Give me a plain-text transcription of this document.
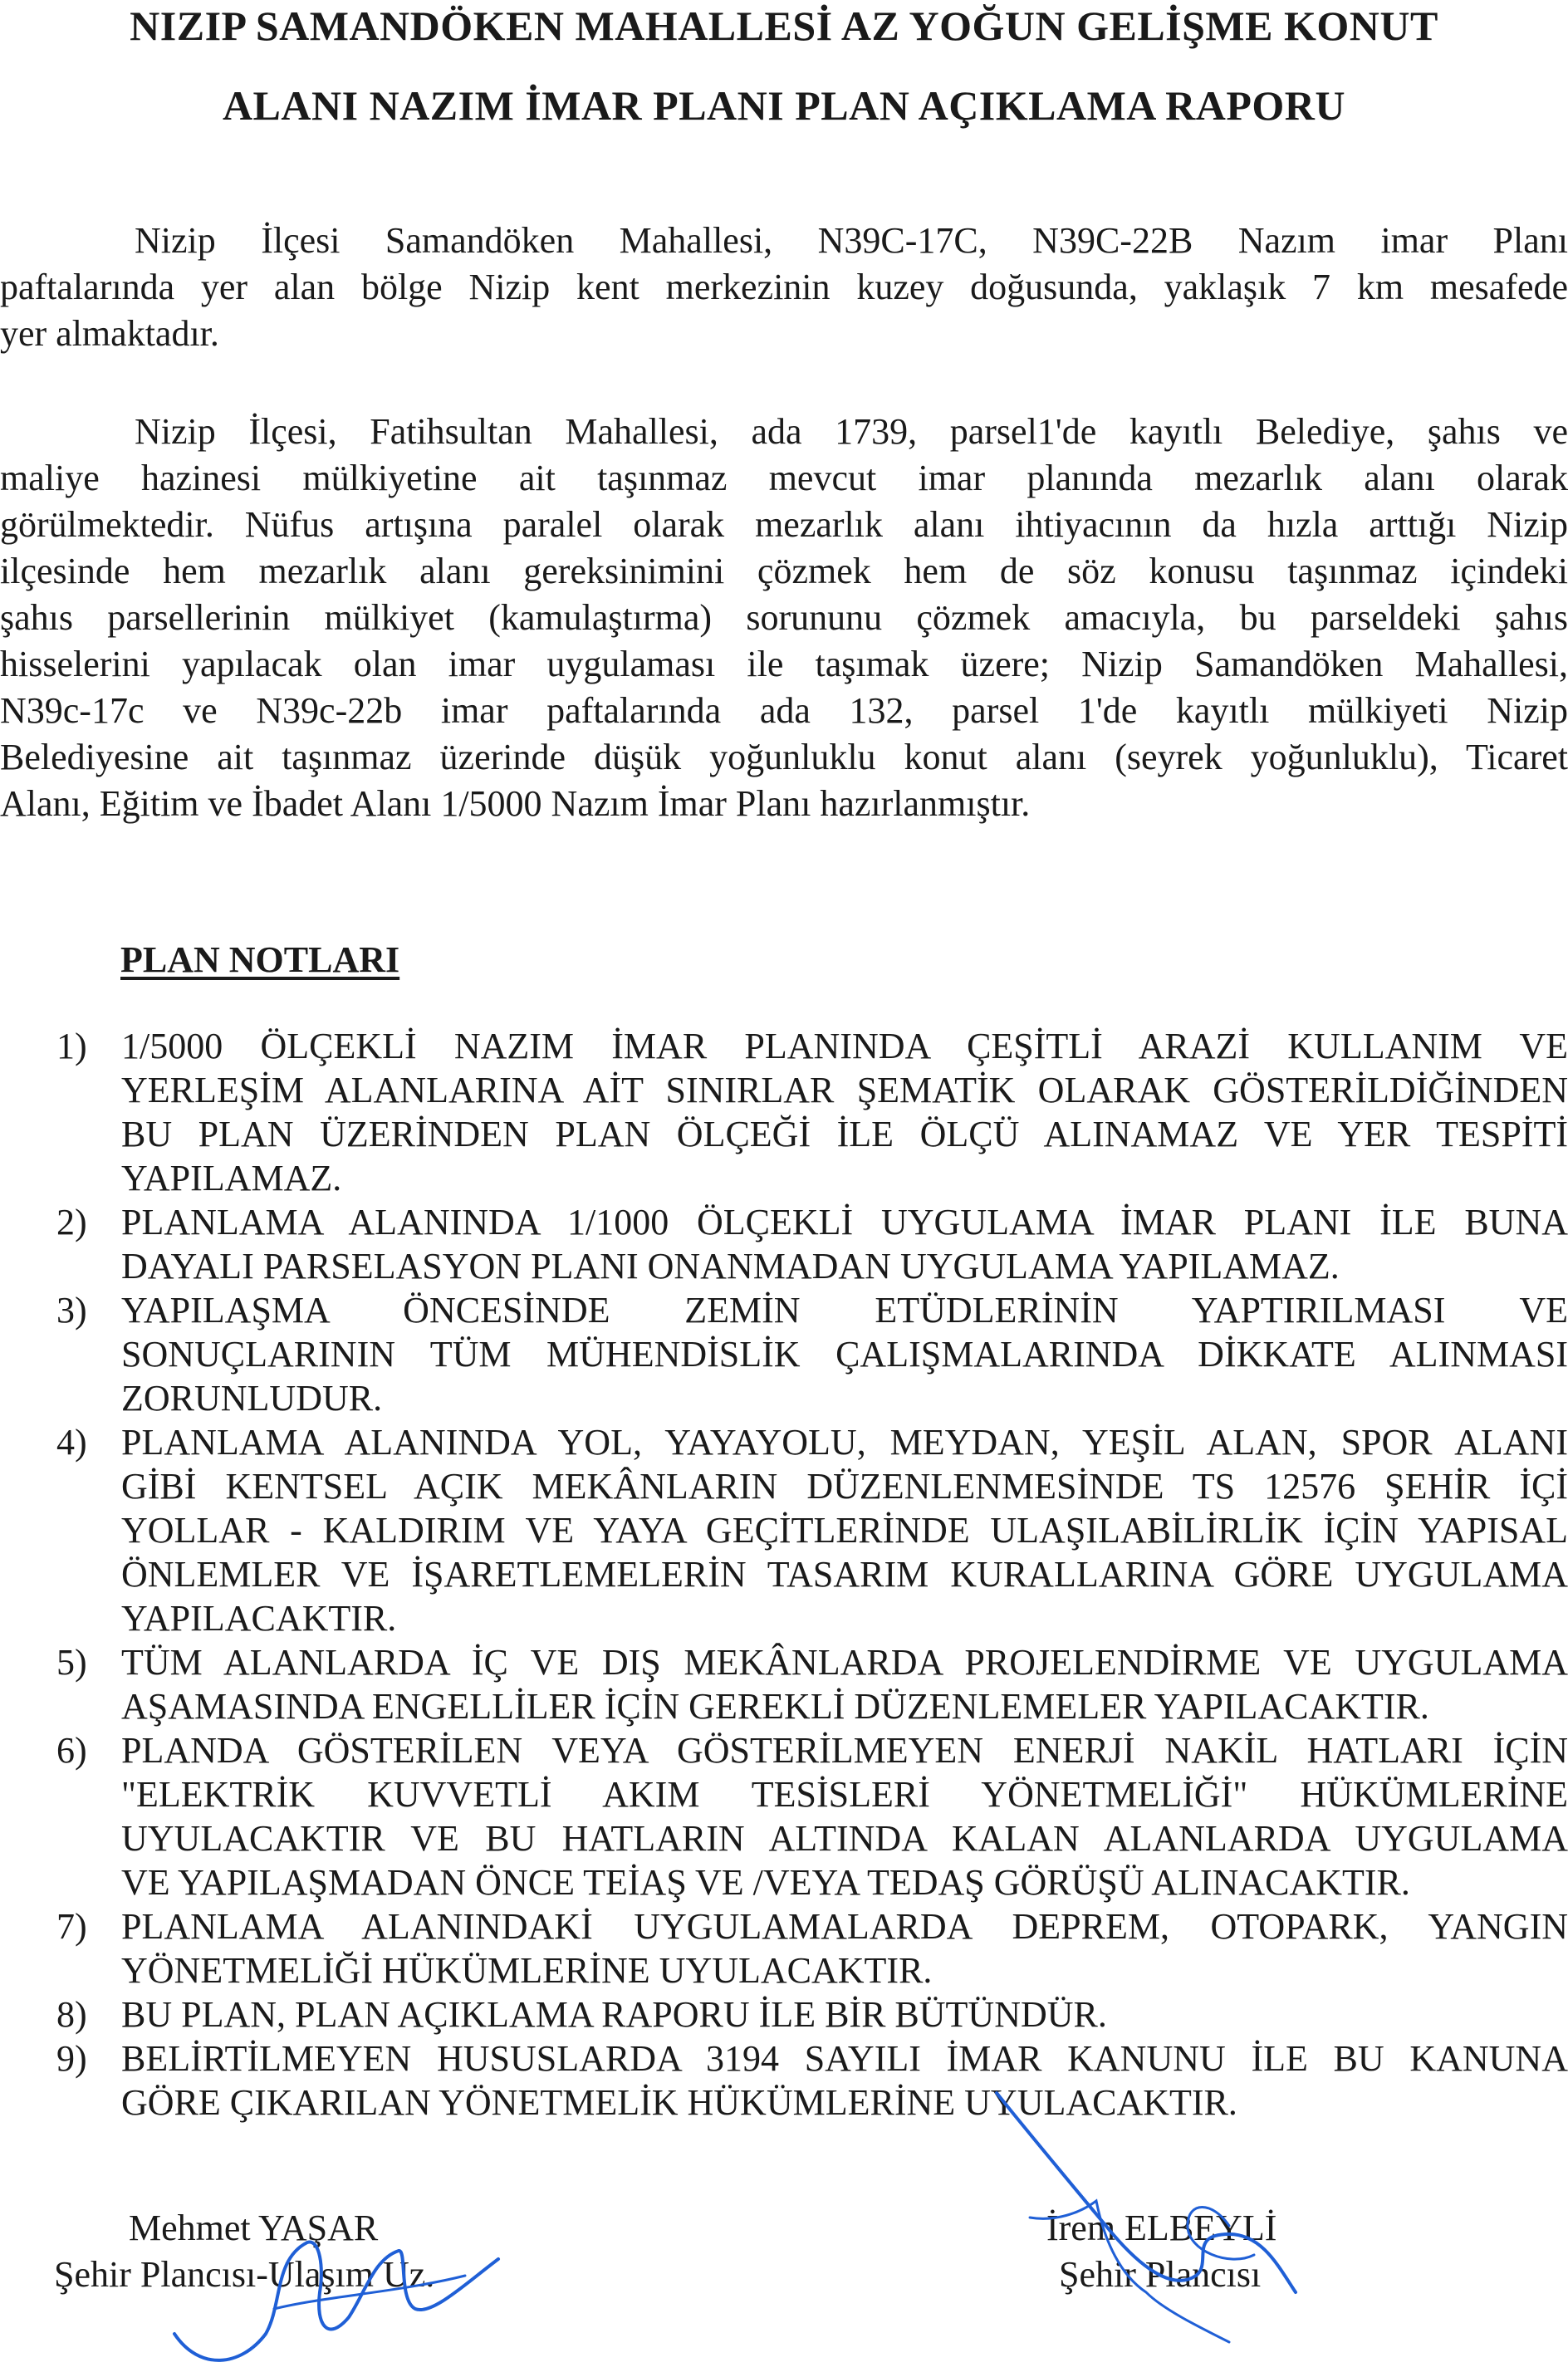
NIZIP SAMANDÖKEN MAHALLESİ AZ YOĞUN GELİŞME KONUT
ALANI NAZIM İMAR PLANI PLAN AÇIKLAMA RAPORU
Nizip İlçesi Samandöken Mahallesi, N39C-17C, N39C-22B Nazım imar Planı
paftalarında yer alan bölge Nizip kent merkezinin kuzey doğusunda, yaklaşık 7 km mesafede
yer almaktadır.
Nizip İlçesi, Fatihsultan Mahallesi, ada 1739, parsel1'de kayıtlı Belediye, şahıs ve
maliye hazinesi mülkiyetine ait taşınmaz mevcut imar planında mezarlık alanı olarak
görülmektedir. Nüfus artışına paralel olarak mezarlık alanı ihtiyacının da hızla arttığı Nizip
ilçesinde hem mezarlık alanı gereksinimini çözmek hem de söz konusu taşınmaz içindeki
şahıs parsellerinin mülkiyet (kamulaştırma) sorununu çözmek amacıyla, bu parseldeki şahıs
hisselerini yapılacak olan imar uygulaması ile taşımak üzere; Nizip Samandöken Mahallesi,
N39c-17c ve N39c-22b imar paftalarında ada 132, parsel 1'de kayıtlı mülkiyeti Nizip
Belediyesine ait taşınmaz üzerinde düşük yoğunluklu konut alanı (seyrek yoğunluklu), Ticaret
Alanı, Eğitim ve İbadet Alanı 1/5000 Nazım İmar Planı hazırlanmıştır.
PLAN NOTLARI
1) 1/5000 ÖLÇEKLİ NAZIM İMAR PLANINDA ÇEŞİTLİ ARAZİ KULLANIM VE
YERLEŞİM ALANLARINA AİT SINIRLAR ŞEMATİK OLARAK GÖSTERİLDİĞİNDEN
BU PLAN ÜZERİNDEN PLAN ÖLÇEĞİ İLE ÖLÇÜ ALINAMAZ VE YER TESPİTİ
YAPILAMAZ.
2) PLANLAMA ALANINDA 1/1000 ÖLÇEKLİ UYGULAMA İMAR PLANI İLE BUNA
DAYALI PARSELASYON PLANI ONANMADAN UYGULAMA YAPILAMAZ.
3) YAPILAŞMA ÖNCESİNDE ZEMİN ETÜDLERİNİN YAPTIRILMASI VE
SONUÇLARININ TÜM MÜHENDİSLİK ÇALIŞMALARINDA DİKKATE ALINMASI
ZORUNLUDUR.
4) PLANLAMA ALANINDA YOL, YAYAYOLU, MEYDAN, YEŞİL ALAN, SPOR ALANI
GİBİ KENTSEL AÇIK MEKÂNLARIN DÜZENLENMESİNDE TS 12576 ŞEHİR İÇİ
YOLLAR - KALDIRIM VE YAYA GEÇİTLERİNDE ULAŞILABİLİRLİK İÇİN YAPISAL
ÖNLEMLER VE İŞARETLEMELERİN TASARIM KURALLARINA GÖRE UYGULAMA
YAPILACAKTIR.
5) TÜM ALANLARDA İÇ VE DIŞ MEKÂNLARDA PROJELENDİRME VE UYGULAMA
AŞAMASINDA ENGELLİLER İÇİN GEREKLİ DÜZENLEMELER YAPILACAKTIR.
6) PLANDA GÖSTERİLEN VEYA GÖSTERİLMEYEN ENERJİ NAKİL HATLARI İÇİN
"ELEKTRİK KUVVETLİ AKIM TESİSLERİ YÖNETMELİĞİ" HÜKÜMLERİNE
UYULACAKTIR VE BU HATLARIN ALTINDA KALAN ALANLARDA UYGULAMA
VE YAPILAŞMADAN ÖNCE TEİAŞ VE /VEYA TEDAŞ GÖRÜŞÜ ALINACAKTIR.
7) PLANLAMA ALANINDAKİ UYGULAMALARDA DEPREM, OTOPARK, YANGIN
YÖNETMELİĞİ HÜKÜMLERİNE UYULACAKTIR.
8) BU PLAN, PLAN AÇIKLAMA RAPORU İLE BİR BÜTÜNDÜR.
9) BELİRTİLMEYEN HUSUSLARDA 3194 SAYILI İMAR KANUNU İLE BU KANUNA
GÖRE ÇIKARILAN YÖNETMELİK HÜKÜMLERİNE UYULACAKTIR.
Mehmet YAŞAR
Şehir Plancısı-Ulaşım Uz.
İrem ELBEYLİ
Şehir Plancısı
